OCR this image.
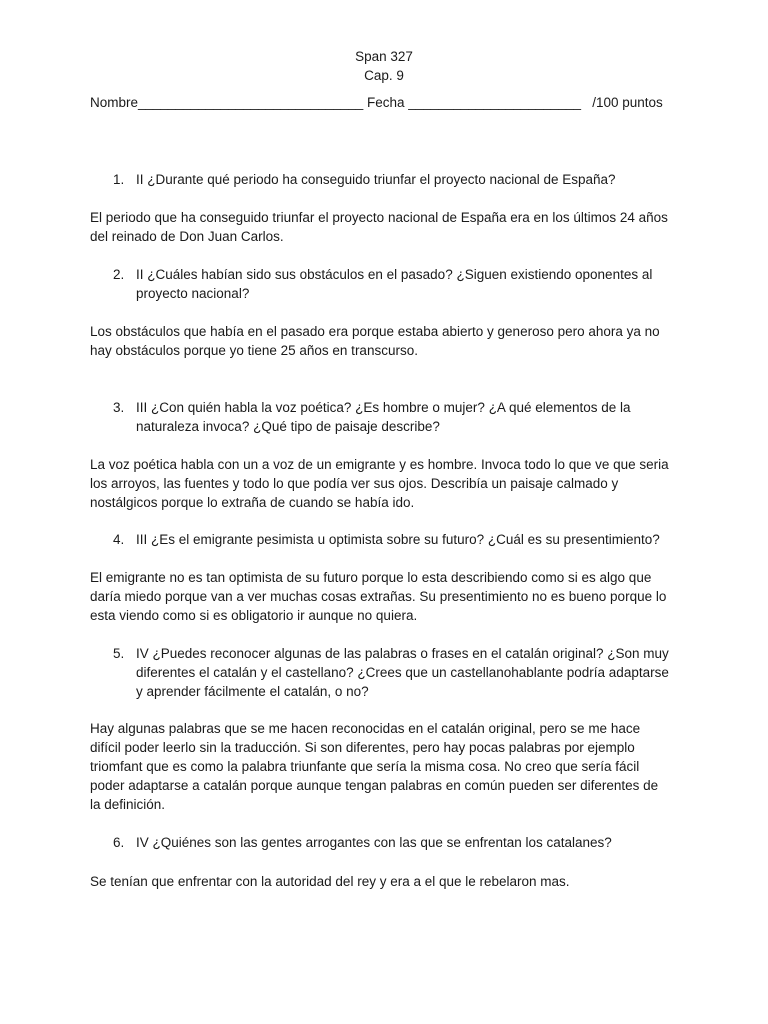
Span 327
Cap. 9
Nombre______________________________ Fecha _______________________   /100 puntos
1. II ¿Durante qué periodo ha conseguido triunfar el proyecto nacional de España?
El periodo que ha conseguido triunfar el proyecto nacional de España era en los últimos 24 años del reinado de Don Juan Carlos.
2. II ¿Cuáles habían sido sus obstáculos en el pasado? ¿Siguen existiendo oponentes al proyecto nacional?
Los obstáculos que había en el pasado era porque estaba abierto y generoso pero ahora ya no hay obstáculos porque yo tiene 25 años en transcurso.
3. III ¿Con quién habla la voz poética? ¿Es hombre o mujer? ¿A qué elementos de la naturaleza invoca? ¿Qué tipo de paisaje describe?
La voz poética habla con un a voz de un emigrante y es hombre. Invoca todo lo que ve que seria los arroyos, las fuentes y todo lo que podía ver sus ojos. Describía un paisaje calmado y nostálgicos porque lo extraña de cuando se había ido.
4. III ¿Es el emigrante pesimista u optimista sobre su futuro? ¿Cuál es su presentimiento?
El emigrante no es tan optimista de su futuro porque lo esta describiendo como si es algo que daría miedo porque van a ver muchas cosas extrañas. Su presentimiento no es bueno porque lo esta viendo como si es obligatorio ir aunque no quiera.
5. IV ¿Puedes reconocer algunas de las palabras o frases en el catalán original? ¿Son muy diferentes el catalán y el castellano? ¿Crees que un castellanohablante podría adaptarse y aprender fácilmente el catalán, o no?
Hay algunas palabras que se me hacen reconocidas en el catalán original, pero se me hace difícil poder leerlo sin la traducción. Si son diferentes, pero hay pocas palabras por ejemplo triomfant que es como la palabra triunfante que sería la misma cosa. No creo que sería fácil poder adaptarse a catalán porque aunque tengan palabras en común pueden ser diferentes de la definición.
6. IV ¿Quiénes son las gentes arrogantes con las que se enfrentan los catalanes?
Se tenían que enfrentar con la autoridad del rey y era a el que le rebelaron mas.
